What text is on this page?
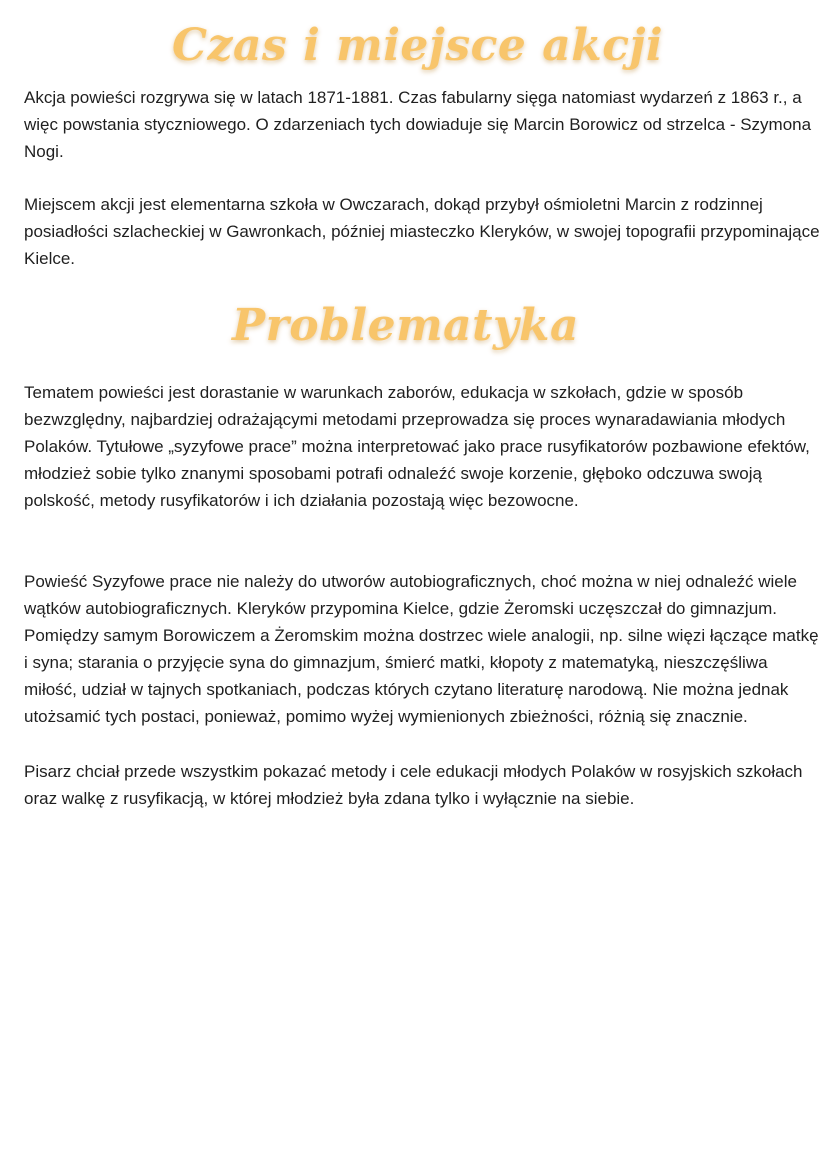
Czas i miejsce akcji

Akcja powieści rozgrywa się w latach 1871-1881. Czas fabularny sięga natomiast wydarzeń z 1863 r., a więc powstania styczniowego. O zdarzeniach tych dowiaduje się Marcin Borowicz od strzelca - Szymona Nogi.

Miejscem akcji jest elementarna szkoła w Owczarach, dokąd przybył ośmioletni Marcin z rodzinnej posiadłości szlacheckiej w Gawronkach, później miasteczko Kleryków, w swojej topografii przypominające Kielce.

Problematyka

Tematem powieści jest dorastanie w warunkach zaborów, edukacja w szkołach, gdzie w sposób bezwzględny, najbardziej odrażającymi metodami przeprowadza się proces wynaradawiania młodych Polaków. Tytułowe „syzyfowe prace” można interpretować jako prace rusyfikatorów pozbawione efektów, młodzież sobie tylko znanymi sposobami potrafi odnaleźć swoje korzenie, głęboko odczuwa swoją polskość, metody rusyfikatorów i ich działania pozostają więc bezowocne.

Powieść Syzyfowe prace nie należy do utworów autobiograficznych, choć można w niej odnaleźć wiele wątków autobiograficznych. Kleryków przypomina Kielce, gdzie Żeromski uczęszczał do gimnazjum. Pomiędzy samym Borowiczem a Żeromskim można dostrzec wiele analogii, np. silne więzi łączące matkę i syna; starania o przyjęcie syna do gimnazjum, śmierć matki, kłopoty z matematyką, nieszczęśliwa miłość, udział w tajnych spotkaniach, podczas których czytano literaturę narodową. Nie można jednak utożsamić tych postaci, ponieważ, pomimo wyżej wymienionych zbieżności, różnią się znacznie.

Pisarz chciał przede wszystkim pokazać metody i cele edukacji młodych Polaków w rosyjskich szkołach oraz walkę z rusyfikacją, w której młodzież była zdana tylko i wyłącznie na siebie.
